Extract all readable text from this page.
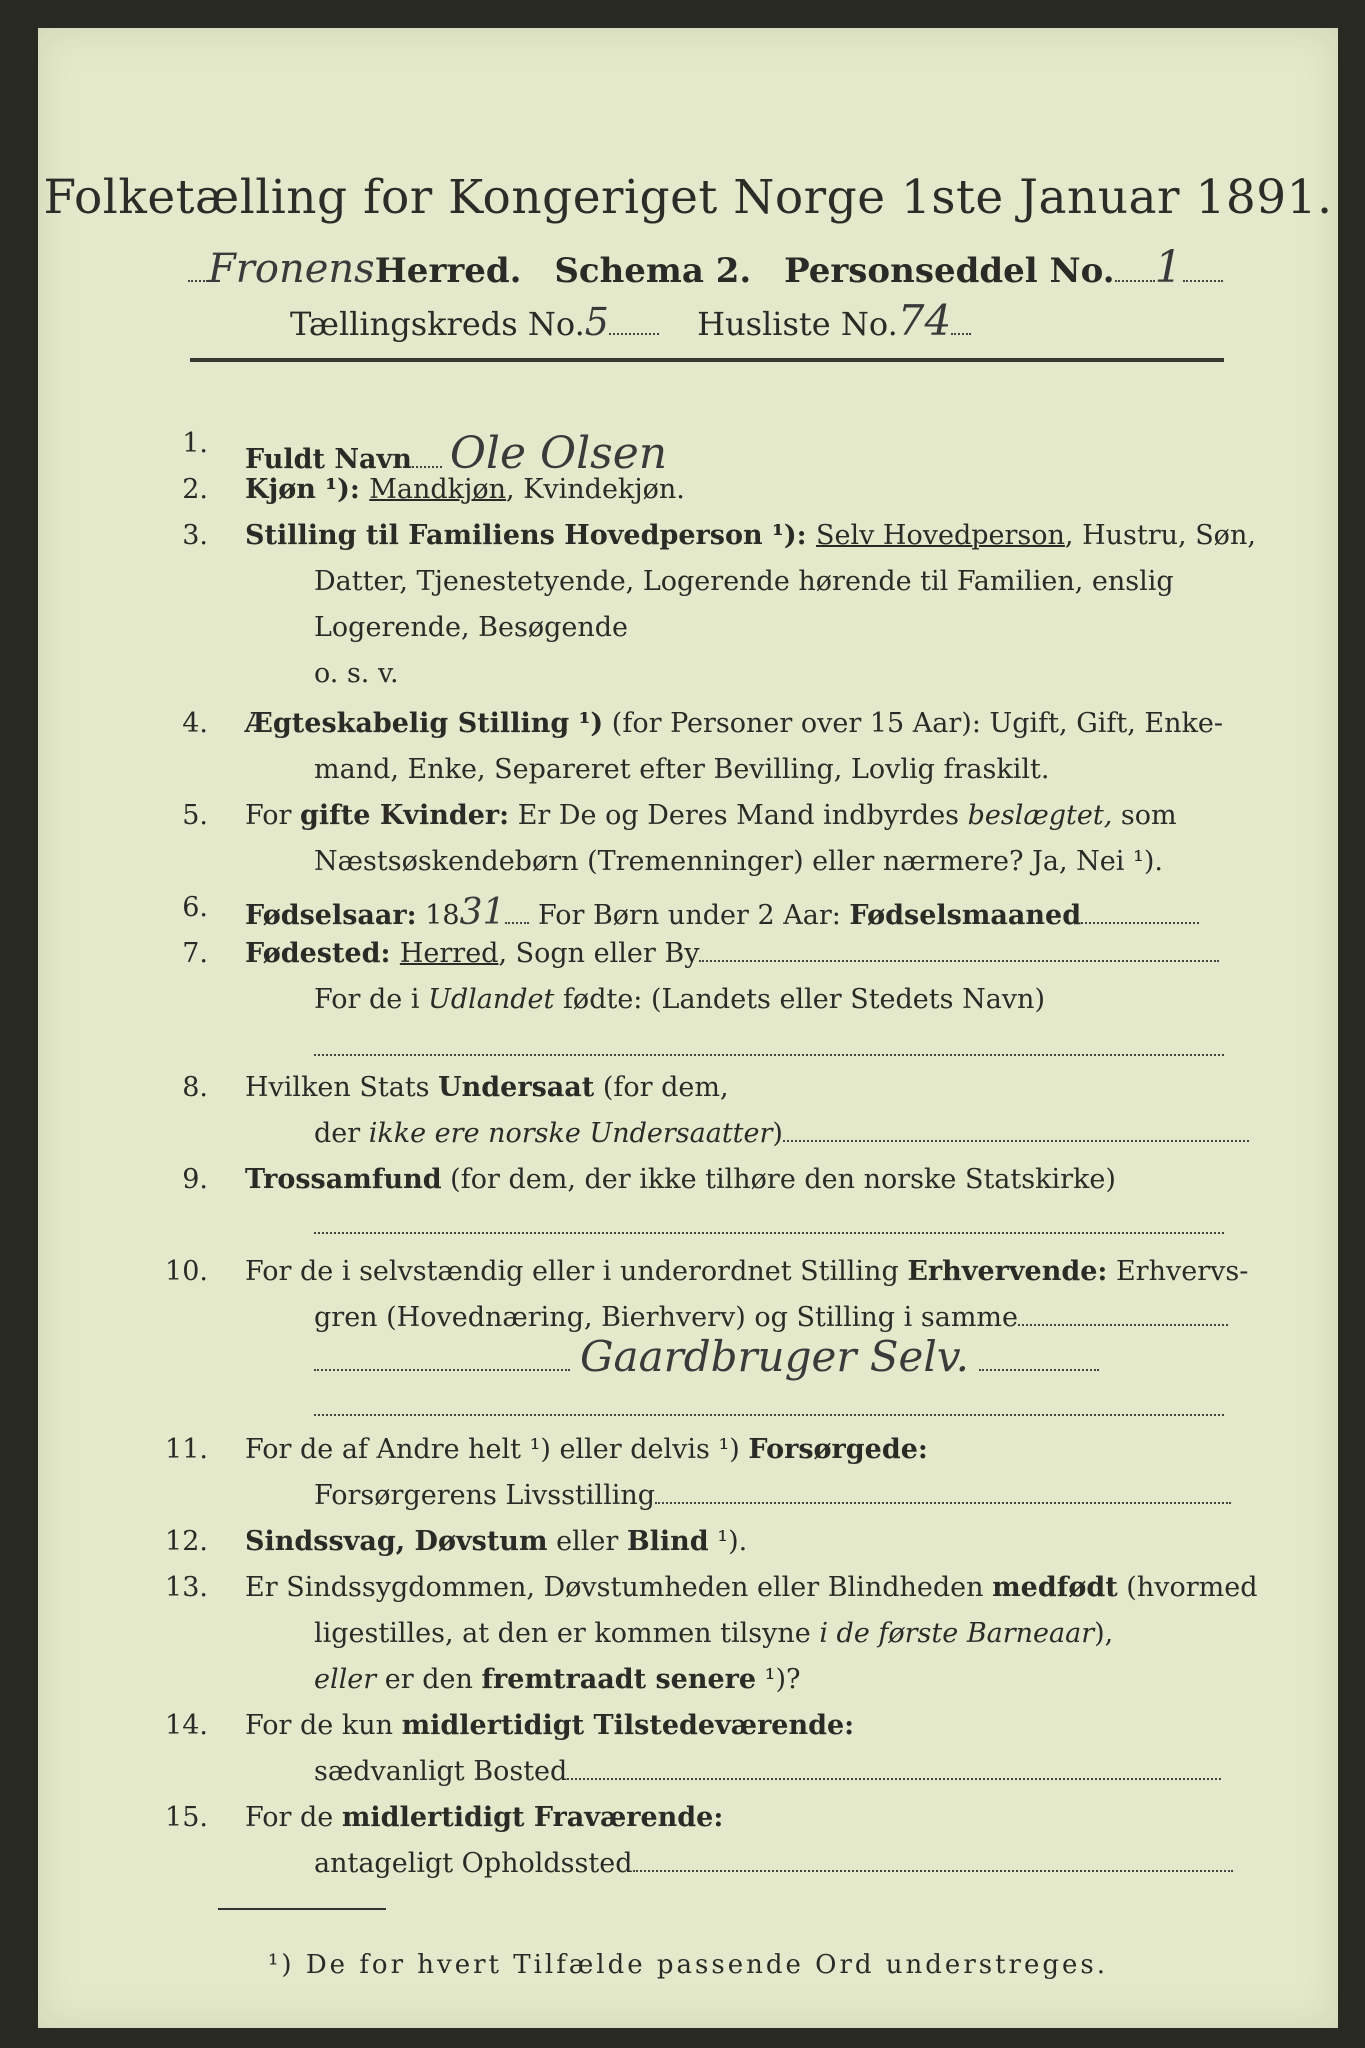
Folketælling for Kongeriget Norge 1ste Januar 1891.
FronensHerred. Schema 2. Personseddel No. 1
Tællingskreds No.5	Husliste No.74
1.
Fuldt Navn Ole Olsen
2. Kjøn ¹): Mandkjøn, Kvindekjøn.
3. Stilling til Familiens Hovedperson ¹): Selv Hovedperson, Hustru, Søn,
Datter, Tjenestetyende, Logerende hørende til Familien, enslig
Logerende, Besøgende
o. s. v.
4. Ægteskabelig Stilling ¹) (for Personer over 15 Aar): Ugift, Gift, Enke-
mand, Enke, Separeret efter Bevilling, Lovlig fraskilt.
5. For gifte Kvinder: Er De og Deres Mand indbyrdes beslægtet, som
Næstsøskendebørn (Tremenninger) eller nærmere? Ja, Nei ¹).
6. Fødselsaar: 1831 For Børn under 2 Aar: Fødselsmaaned
7. Fødested: Herred, Sogn eller By
For de i Udlandet fødte: (Landets eller Stedets Navn)
8. Hvilken Stats Undersaat (for dem,
der ikke ere norske Undersaatter)
9. Trossamfund (for dem, der ikke tilhøre den norske Statskirke)
10. For de i selvstændig eller i underordnet Stilling Erhvervende: Erhvervs-
gren (Hovednæring, Bierhverv) og Stilling i samme
Gaardbruger Selv.
11. For de af Andre helt ¹) eller delvis ¹) Forsørgede:
Forsørgerens Livsstilling
12. Sindssvag, Døvstum eller Blind ¹).
13. Er Sindssygdommen, Døvstumheden eller Blindheden medfødt (hvormed
ligestilles, at den er kommen tilsyne i de første Barneaar),
eller er den fremtraadt senere ¹)?
14. For de kun midlertidigt Tilstedeværende:
sædvanligt Bosted
15. For de midlertidigt Fraværende:
antageligt Opholdssted
¹) De for hvert Tilfælde passende Ord understreges.
